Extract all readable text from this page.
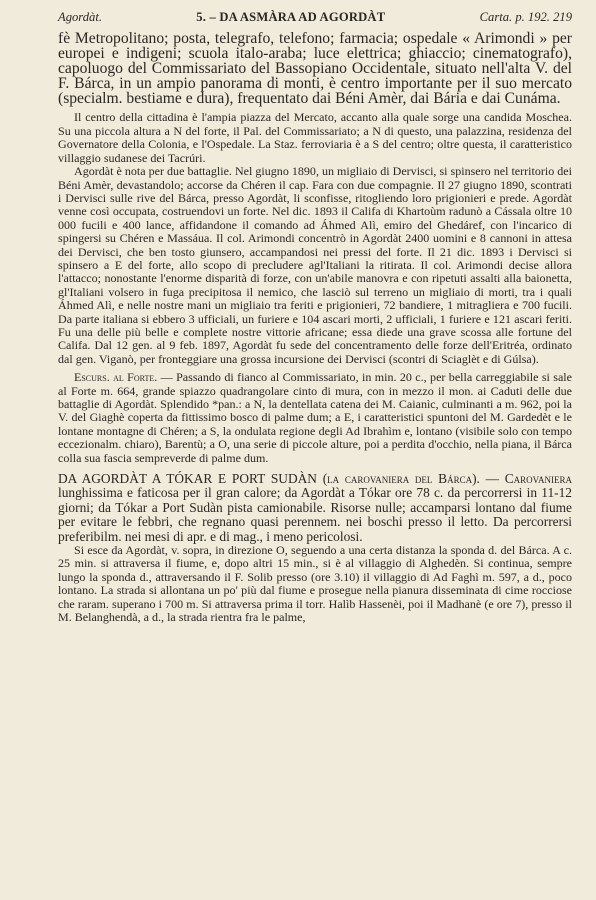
Agordàt.	5. – DA ASMÀRA AD AGORDÀT	Carta. p. 192. 219

fè Metropolitano; posta, telegrafo, telefono; farmacia; ospedale « Arimondi » per europei e indigeni; scuola italo-araba; luce elettrica; ghiaccio; cinematografo), capoluogo del Commissariato del Bassopiano Occidentale, situato nell'alta V. del F. Bárca, in un ampio panorama di monti, è centro importante per il suo mercato (specialm. bestiame e dura), frequentato dai Béni Amèr, dai Bária e dai Cunáma.

Il centro della cittadina è l'ampia piazza del Mercato, accanto alla quale sorge una candida Moschea. Su una piccola altura a N del forte, il Pal. del Commissariato; a N di questo, una palazzina, residenza del Governatore della Colonia, e l'Ospedale. La Staz. ferroviaria è a S del centro; oltre questa, il caratteristico villaggio sudanese dei Tacrúri.

Agordàt è nota per due battaglie. Nel giugno 1890, un migliaio di Dervisci, si spinsero nel territorio dei Béni Amèr, devastandolo; accorse da Chéren il cap. Fara con due compagnie. Il 27 giugno 1890, scontrati i Dervisci sulle rive del Bárca, presso Agordàt, li sconfisse, ritogliendo loro prigionieri e prede. Agordàt venne così occupata, costruendovi un forte. Nel dic. 1893 il Califa di Khartoùm radunò a Cássala oltre 10 000 fucili e 400 lance, affidandone il comando ad Áhmed Alì, emiro del Ghedáref, con l'incarico di spingersi su Chéren e Massáua. Il col. Arimondi concentrò in Agordàt 2400 uomini e 8 cannoni in attesa dei Dervisci, che ben tosto giunsero, accampandosi nei pressi del forte. Il 21 dic. 1893 i Dervisci si spinsero a E del forte, allo scopo di precludere agl'Italiani la ritirata. Il col. Arimondi decise allora l'attacco; nonostante l'enorme disparità di forze, con un'abile manovra e con ripetuti assalti alla baionetta, gl'Italiani volsero in fuga precipitosa il nemico, che lasciò sul terreno un migliaio di morti, tra i quali Áhmed Alì, e nelle nostre mani un migliaio tra feriti e prigionieri, 72 bandiere, 1 mitragliera e 700 fucili. Da parte italiana si ebbero 3 ufficiali, un furiere e 104 ascari morti, 2 ufficiali, 1 furiere e 121 ascari feriti. Fu una delle più belle e complete nostre vittorie africane; essa diede una grave scossa alle fortune del Califa. Dal 12 gen. al 9 feb. 1897, Agordàt fu sede del concentramento delle forze dell'Eritréa, ordinato dal gen. Viganò, per fronteggiare una grossa incursione dei Dervisci (scontri di Sciaglèt e di Gúlsa).

Escurs. al Forte. — Passando di fianco al Commissariato, in min. 20 c., per bella carreggiabile si sale al Forte m. 664, grande spiazzo quadrangolare cinto di mura, con in mezzo il mon. ai Caduti delle due battaglie di Agordàt. Splendido *pan.: a N, la dentellata catena dei M. Caianìc, culminanti a m. 962, poi la V. del Giaghè coperta da fittissimo bosco di palme dum; a E, i caratteristici spuntoni del M. Gardedèt e le lontane montagne di Chéren; a S, la ondulata regione degli Ad Ibrahìm e, lontano (visibile solo con tempo eccezionalm. chiaro), Barentù; a O, una serie di piccole alture, poi a perdita d'occhio, nella piana, il Bárca colla sua fascia sempreverde di palme dum.

DA AGORDÀT A TÓKAR E PORT SUDÀN (la carovaniera del Bárca). — Carovaniera lunghissima e faticosa per il gran calore; da Agordàt a Tókar ore 78 c. da percorrersi in 11-12 giorni; da Tókar a Port Sudàn pista camionabile. Risorse nulle; accamparsi lontano dal fiume per evitare le febbri, che regnano quasi perennem. nei boschi presso il letto. Da percorrersi preferibilm. nei mesi di apr. e di mag., i meno pericolosi.

Si esce da Agordàt, v. sopra, in direzione O, seguendo a una certa distanza la sponda d. del Bárca. A c. 25 min. si attraversa il fiume, e, dopo altri 15 min., si è al villaggio di Alghedèn. Si continua, sempre lungo la sponda d., attraversando il F. Solib presso (ore 3.10) il villaggio di Ad Faghì m. 597, a d., poco lontano. La strada si allontana un po' più dal fiume e prosegue nella pianura disseminata di cime rocciose che raram. superano i 700 m. Si attraversa prima il torr. Halìb Hassenèi, poi il Madhanè (e ore 7), presso il M. Belanghendà, a d., la strada rientra fra le palme,
